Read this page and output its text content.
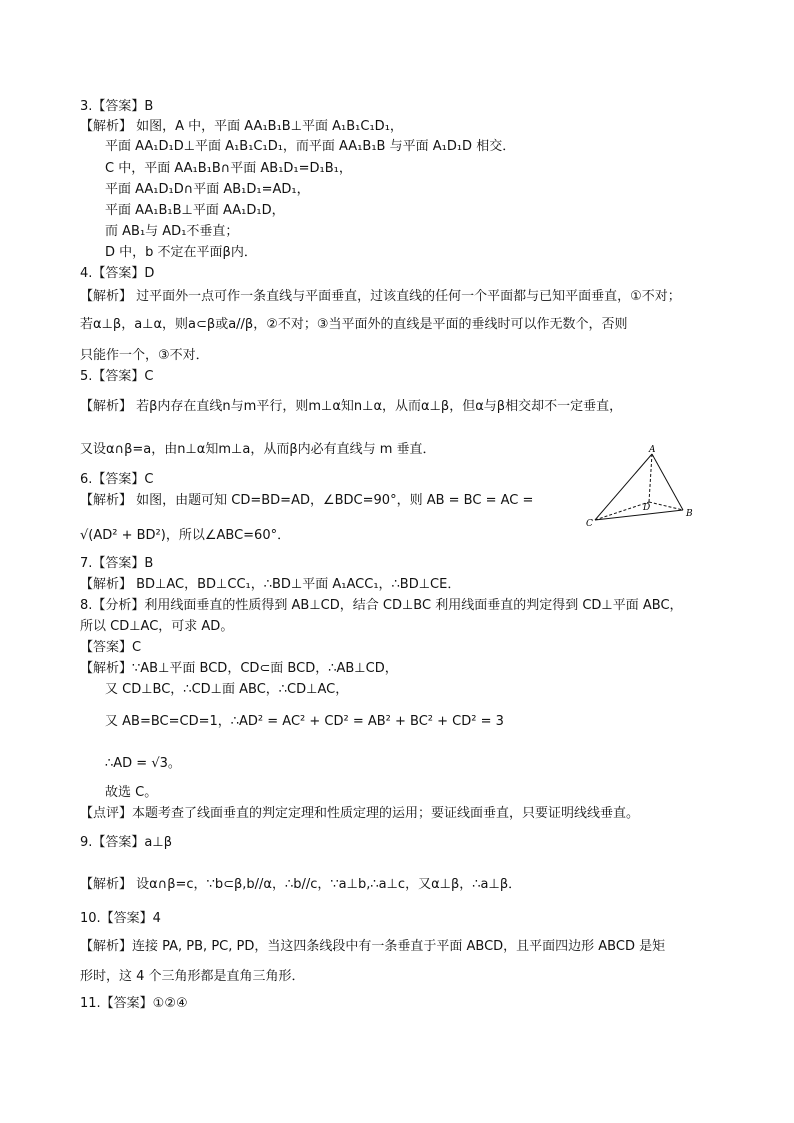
3.【答案】B
【解析】 如图，A 中，平面 AA₁B₁B⊥平面 A₁B₁C₁D₁，
平面 AA₁D₁D⊥平面 A₁B₁C₁D₁，而平面 AA₁B₁B 与平面 A₁D₁D 相交．
C 中，平面 AA₁B₁B∩平面 AB₁D₁=D₁B₁，
平面 AA₁D₁D∩平面 AB₁D₁=AD₁，
平面 AA₁B₁B⊥平面 AA₁D₁D，
而 AB₁与 AD₁不垂直；
D 中，b 不定在平面β内．
4.【答案】D
【解析】 过平面外一点可作一条直线与平面垂直，过该直线的任何一个平面都与已知平面垂直，①不对；
若α⊥β，a⊥α，则a⊂β或a//β，②不对；③当平面外的直线是平面的垂线时可以作无数个，否则
只能作一个，③不对．
5.【答案】C
【解析】 若β内存在直线n与m平行，则m⊥α知n⊥α，从而α⊥β，但α与β相交却不一定垂直，
又设α∩β=a，由n⊥α知m⊥a，从而β内必有直线与 m 垂直．
6.【答案】C
【解析】 如图，由题可知 CD=BD=AD，∠BDC=90°，则 AB = BC = AC =
√(AD² + BD²)，所以∠ABC=60°．
A
D
C
B
7.【答案】B
【解析】 BD⊥AC，BD⊥CC₁，∴BD⊥平面 A₁ACC₁，∴BD⊥CE．
8.【分析】利用线面垂直的性质得到 AB⊥CD，结合 CD⊥BC 利用线面垂直的判定得到 CD⊥平面 ABC，
所以 CD⊥AC，可求 AD。
【答案】C
【解析】∵AB⊥平面 BCD，CD⊂面 BCD，∴AB⊥CD，
又 CD⊥BC，∴CD⊥面 ABC，∴CD⊥AC，
又 AB=BC=CD=1，∴AD² = AC² + CD² = AB² + BC² + CD² = 3
∴AD = √3。
故选 C。
【点评】本题考查了线面垂直的判定定理和性质定理的运用；要证线面垂直，只要证明线线垂直。
9.【答案】a⊥β
【解析】 设α∩β=c，∵b⊂β,b//α，∴b//c，∵a⊥b,∴a⊥c，又α⊥β，∴a⊥β．
10.【答案】4
【解析】连接 PA, PB, PC, PD，当这四条线段中有一条垂直于平面 ABCD，且平面四边形 ABCD 是矩
形时，这 4 个三角形都是直角三角形．
11.【答案】①②④
